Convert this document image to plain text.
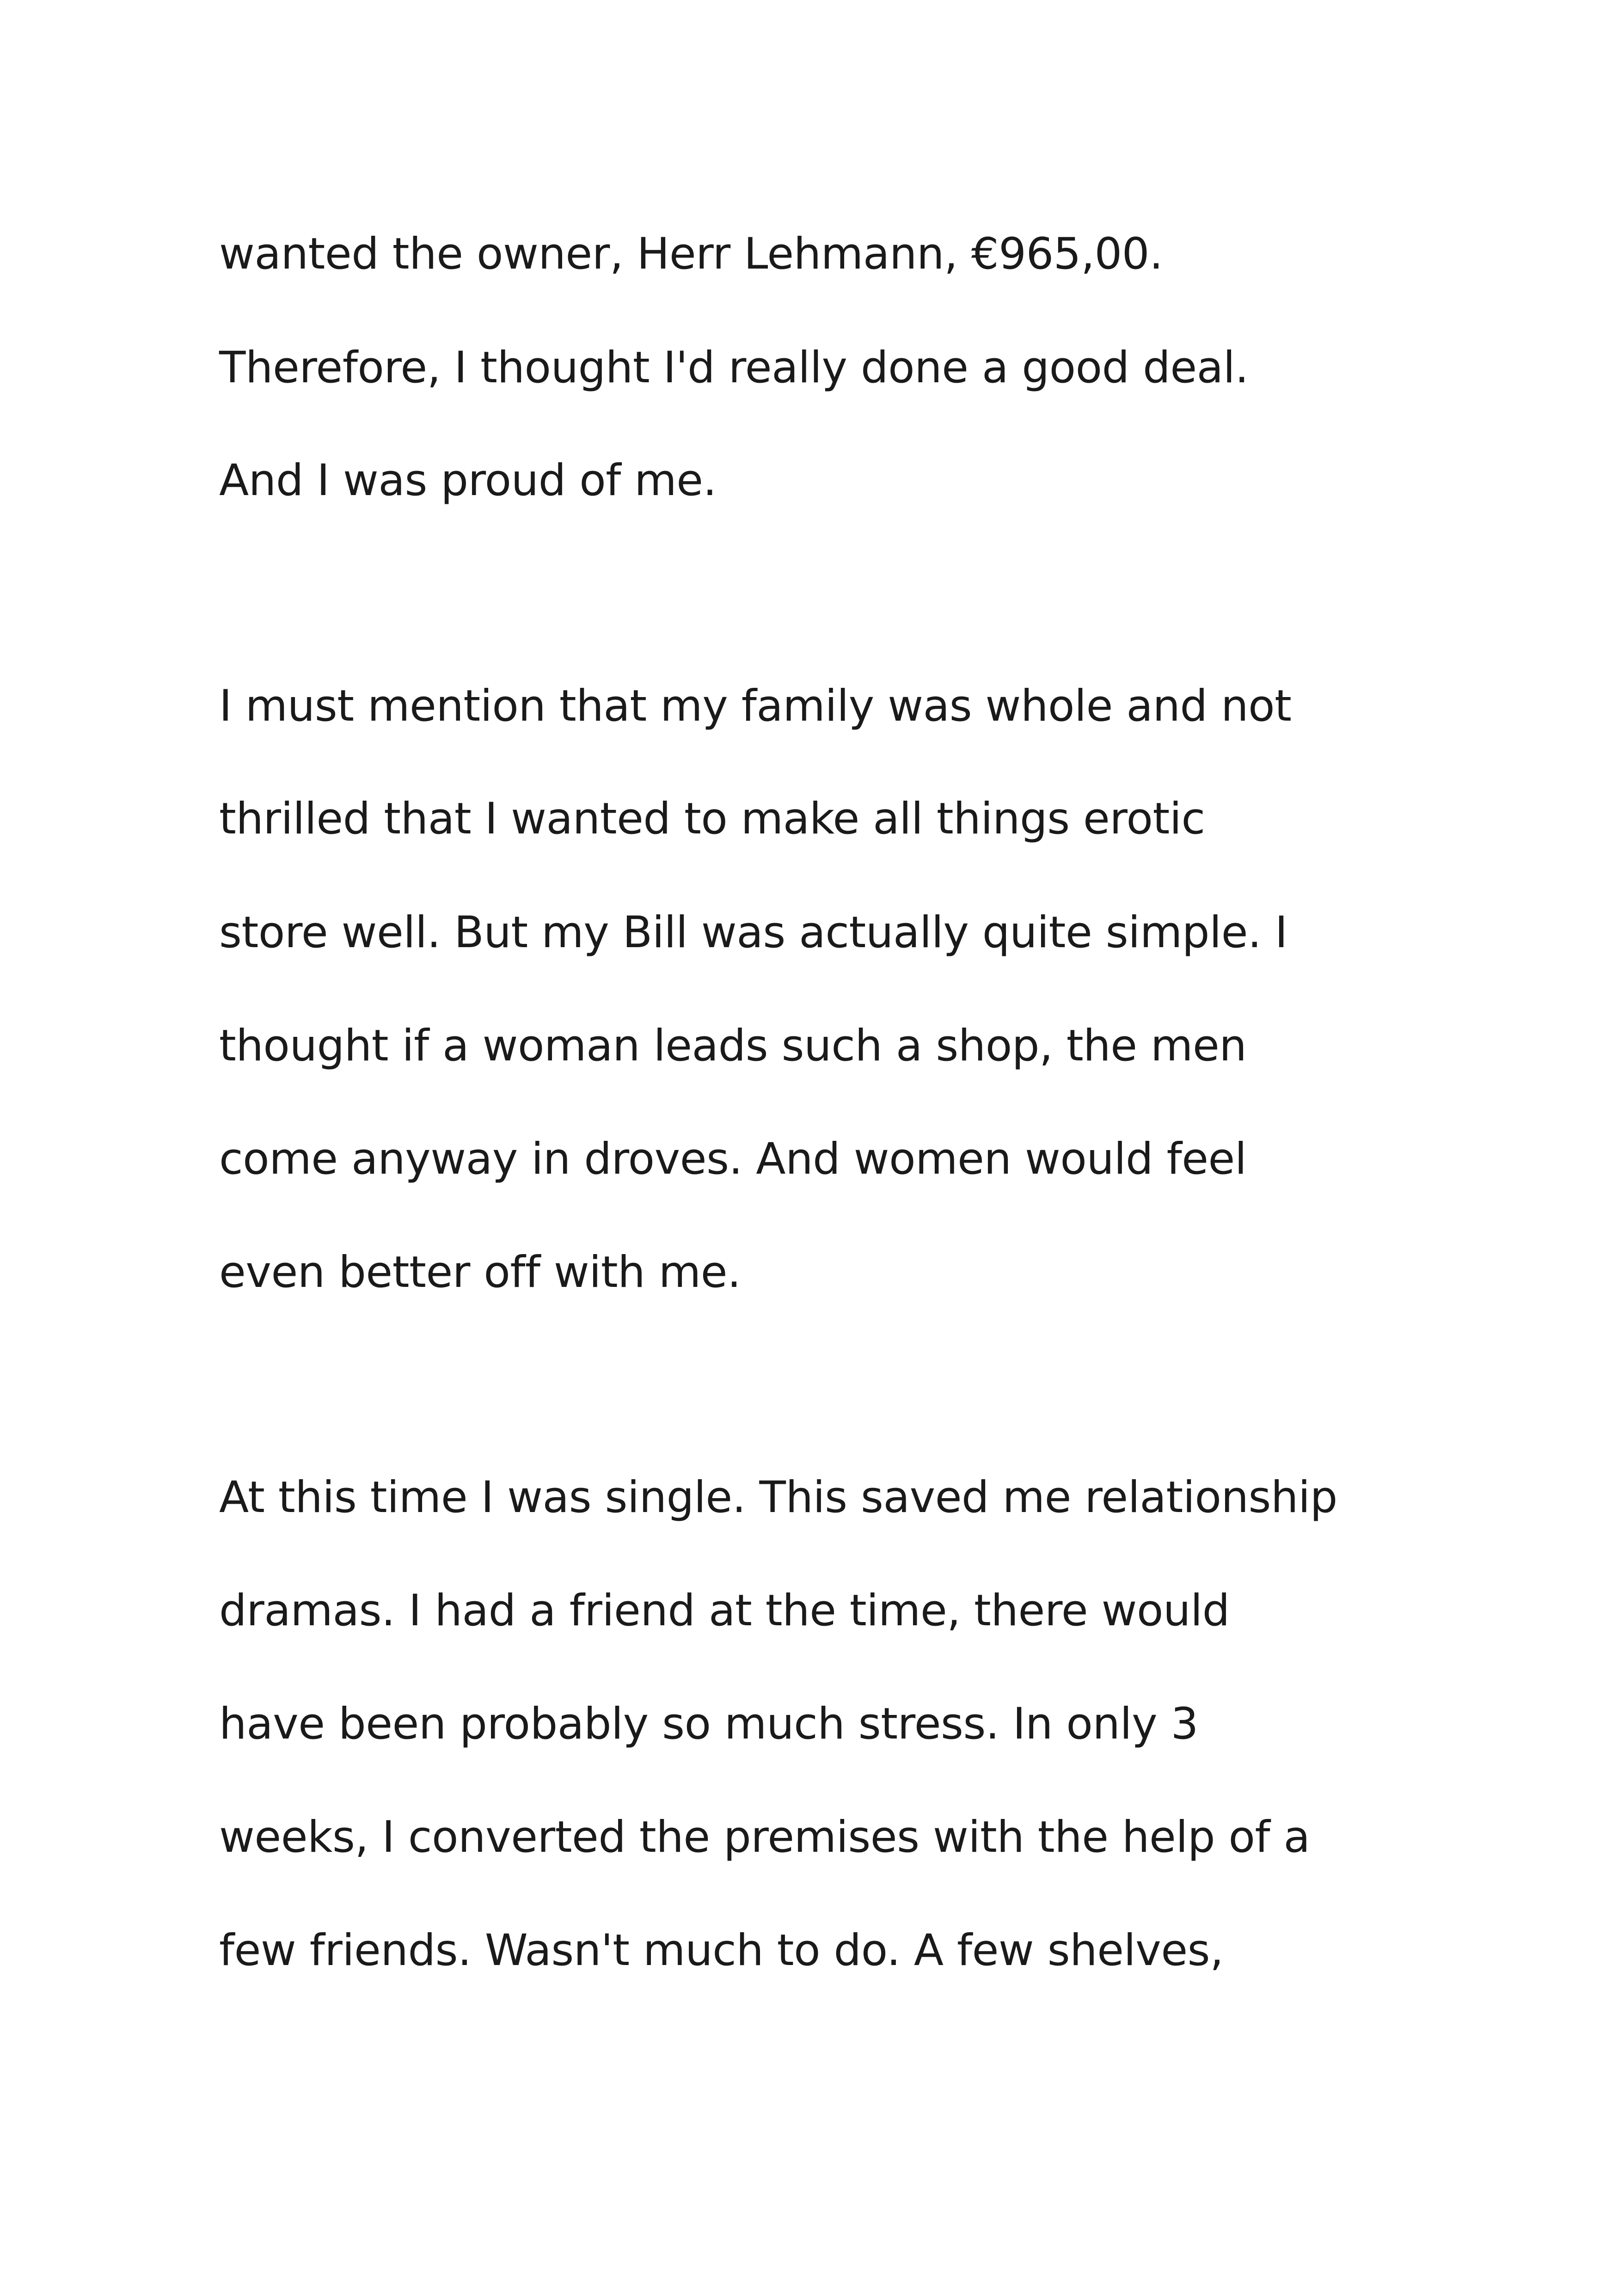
wanted the owner, Herr Lehmann, €965,00.
Therefore, I thought I'd really done a good deal.
And I was proud of me.
I must mention that my family was whole and not
thrilled that I wanted to make all things erotic
store well. But my Bill was actually quite simple. I
thought if a woman leads such a shop, the men
come anyway in droves. And women would feel
even better off with me.
At this time I was single. This saved me relationship
dramas. I had a friend at the time, there would
have been probably so much stress. In only 3
weeks, I converted the premises with the help of a
few friends. Wasn't much to do. A few shelves,
